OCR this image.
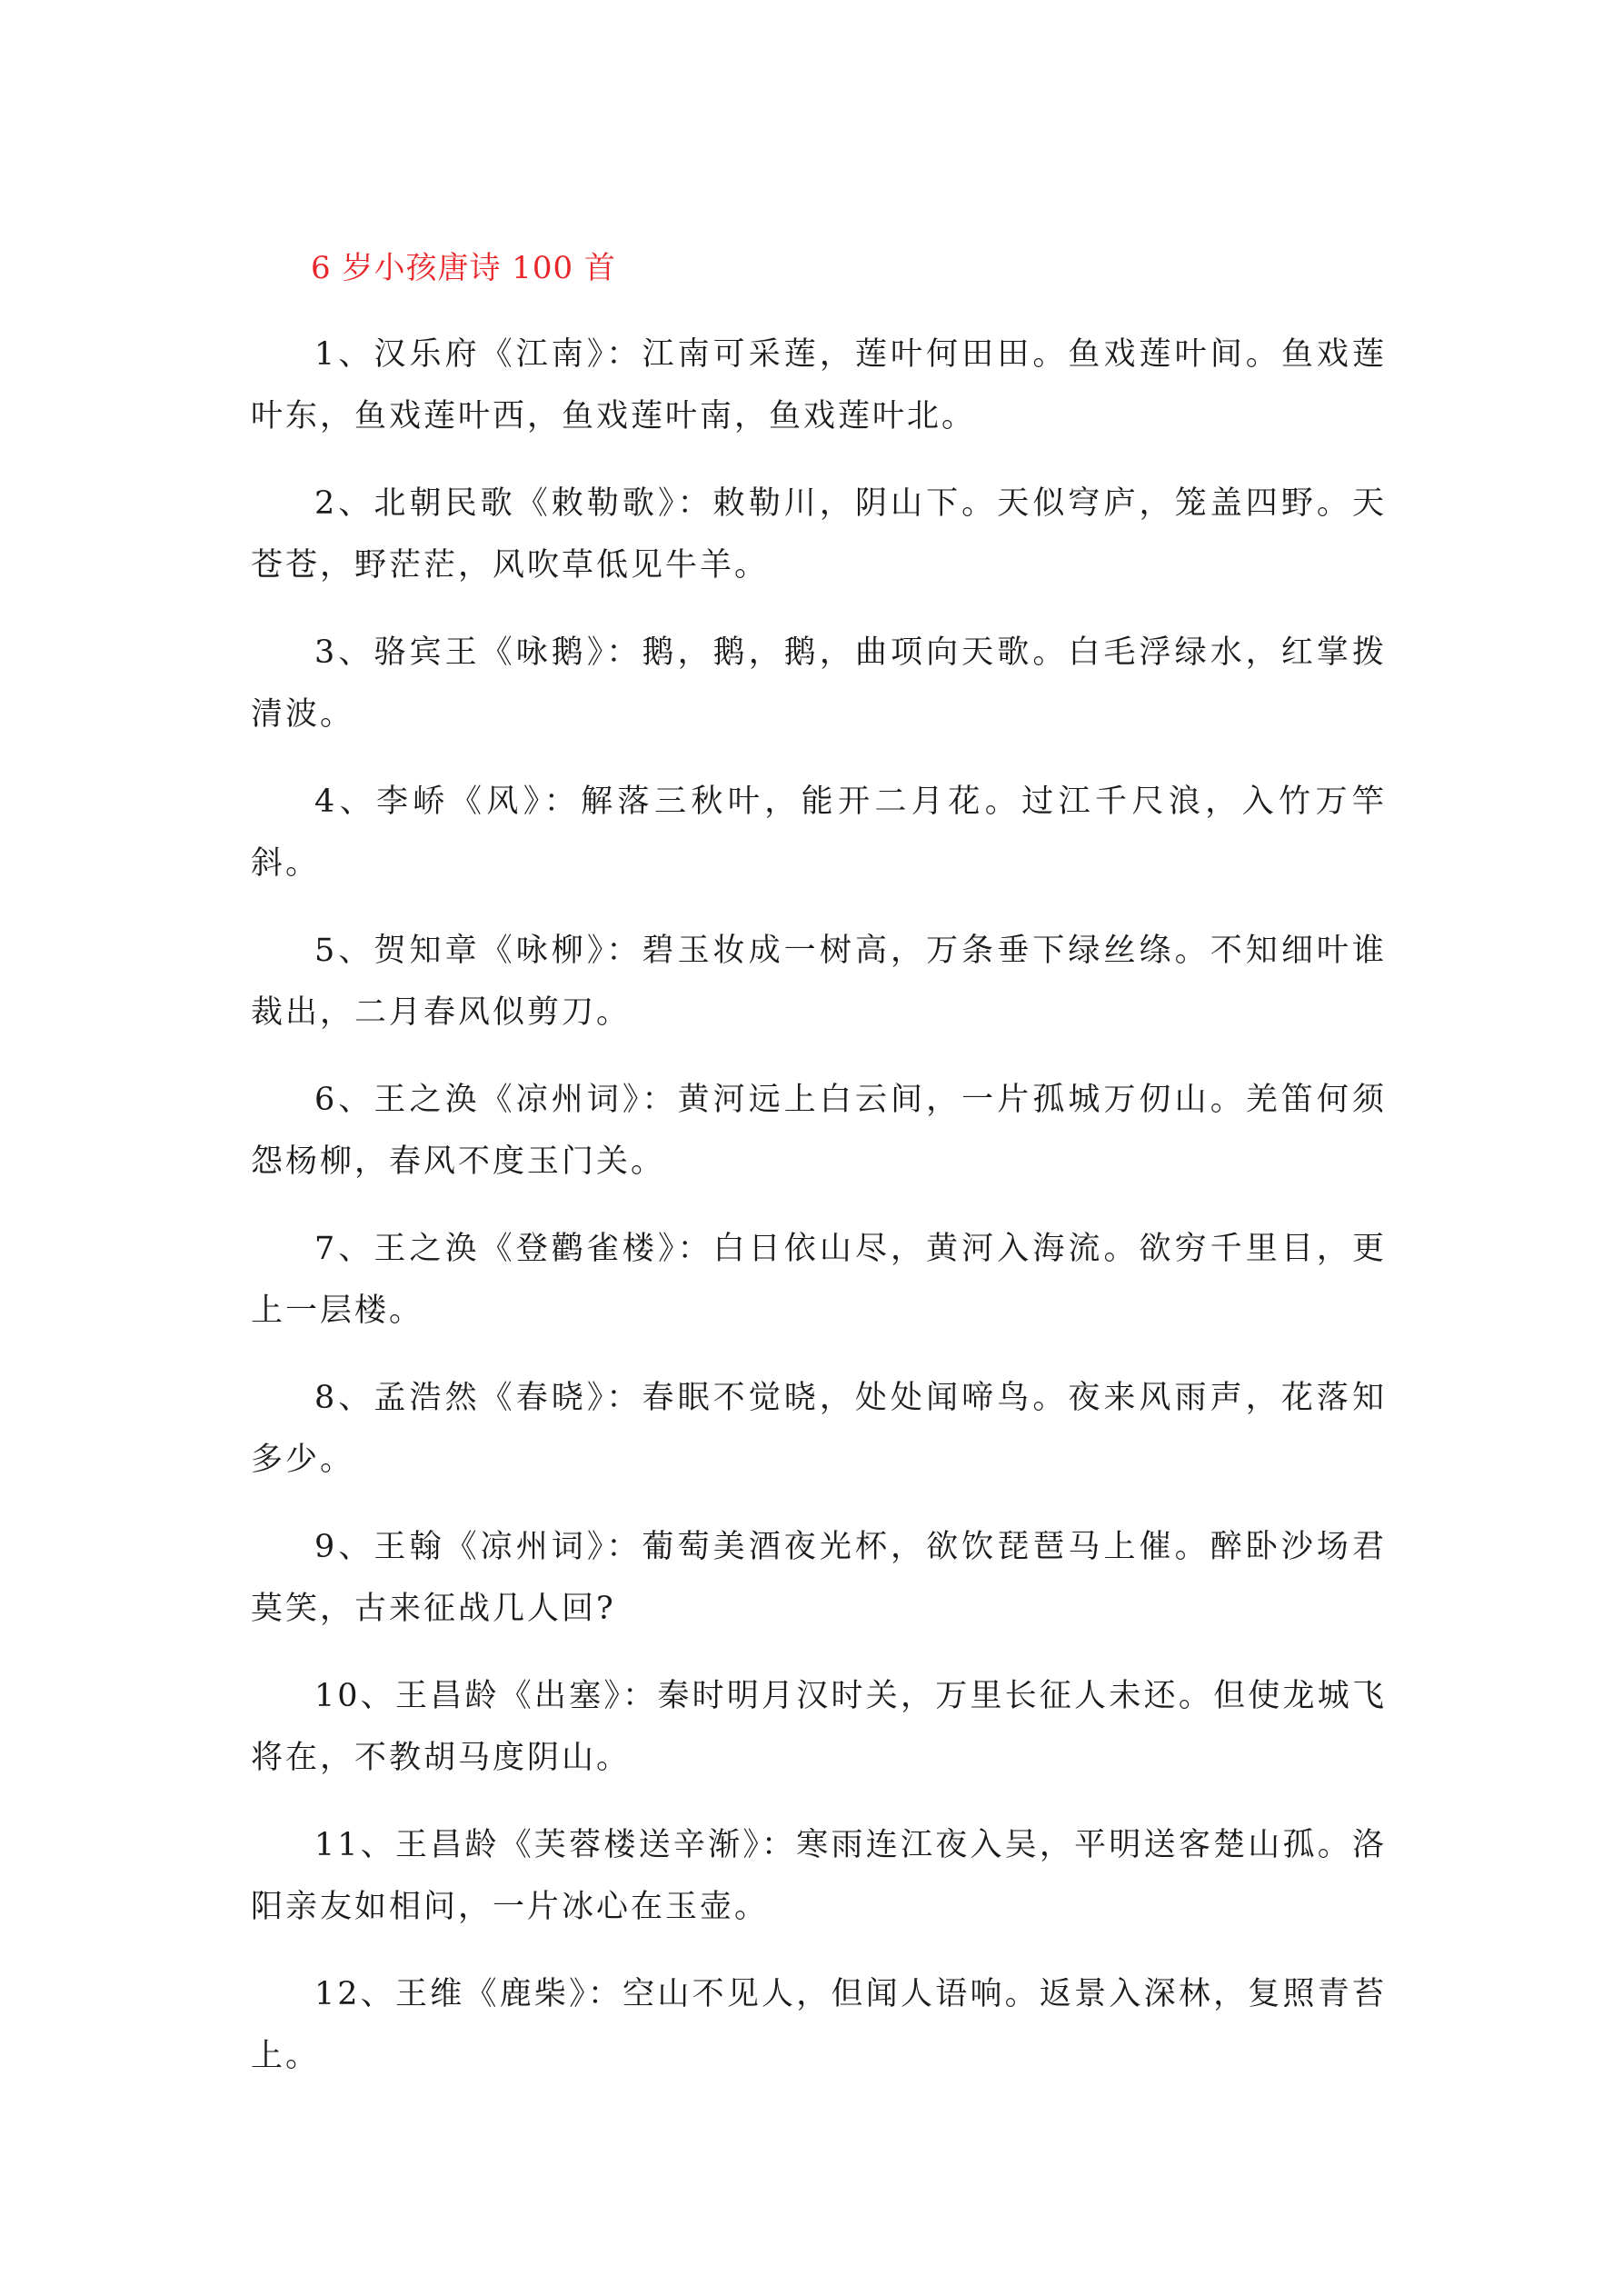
6 岁小孩唐诗 100 首
1、汉乐府《江南》：江南可采莲，莲叶何田田。鱼戏莲叶间。鱼戏莲叶东，鱼戏莲叶西，鱼戏莲叶南，鱼戏莲叶北。
2、北朝民歌《敕勒歌》：敕勒川，阴山下。天似穹庐，笼盖四野。天苍苍，野茫茫，风吹草低见牛羊。
3、骆宾王《咏鹅》：鹅，鹅，鹅，曲项向天歌。白毛浮绿水，红掌拨清波。
4、李峤《风》：解落三秋叶，能开二月花。过江千尺浪，入竹万竿斜。
5、贺知章《咏柳》：碧玉妆成一树高，万条垂下绿丝绦。不知细叶谁裁出，二月春风似剪刀。
6、王之涣《凉州词》：黄河远上白云间，一片孤城万仞山。羌笛何须怨杨柳，春风不度玉门关。
7、王之涣《登鹳雀楼》：白日依山尽，黄河入海流。欲穷千里目，更上一层楼。
8、孟浩然《春晓》：春眠不觉晓，处处闻啼鸟。夜来风雨声，花落知多少。
9、王翰《凉州词》：葡萄美酒夜光杯，欲饮琵琶马上催。醉卧沙场君莫笑，古来征战几人回?
10、王昌龄《出塞》：秦时明月汉时关，万里长征人未还。但使龙城飞将在，不教胡马度阴山。
11、王昌龄《芙蓉楼送辛渐》：寒雨连江夜入吴，平明送客楚山孤。洛阳亲友如相问，一片冰心在玉壶。
12、王维《鹿柴》：空山不见人，但闻人语响。返景入深林，复照青苔上。
